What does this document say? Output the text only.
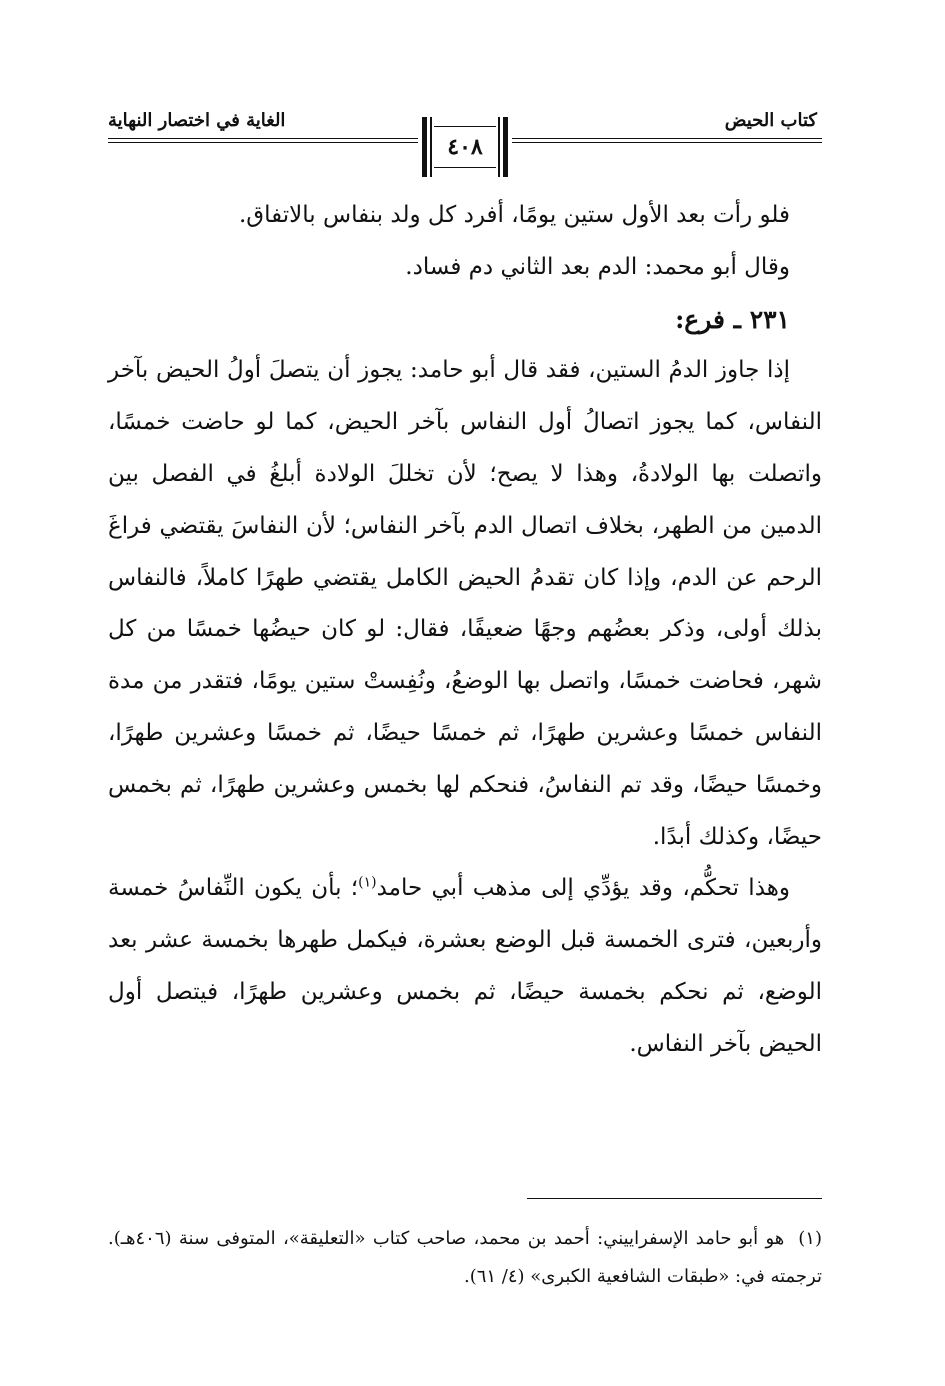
كتاب الحيض
الغاية في اختصار النهاية
٤٠٨

فلو رأت بعد الأول ستين يومًا، أفرد كل ولد بنفاس بالاتفاق.

وقال أبو محمد: الدم بعد الثاني دم فساد.

٢٣١ ـ فرع:

إذا جاوز الدمُ الستين، فقد قال أبو حامد: يجوز أن يتصلَ أولُ الحيض بآخر النفاس، كما يجوز اتصالُ أول النفاس بآخر الحيض، كما لو حاضت خمسًا، واتصلت بها الولادةُ، وهذا لا يصح؛ لأن تخللَ الولادة أبلغُ في الفصل بين الدمين من الطهر، بخلاف اتصال الدم بآخر النفاس؛ لأن النفاسَ يقتضي فراغَ الرحم عن الدم، وإذا كان تقدمُ الحيض الكامل يقتضي طهرًا كاملاً، فالنفاس بذلك أولى، وذكر بعضُهم وجهًا ضعيفًا، فقال: لو كان حيضُها خمسًا من كل شهر، فحاضت خمسًا، واتصل بها الوضعُ، ونُفِستْ ستين يومًا، فتقدر من مدة النفاس خمسًا وعشرين طهرًا، ثم خمسًا حيضًا، ثم خمسًا وعشرين طهرًا، وخمسًا حيضًا، وقد تم النفاسُ، فنحكم لها بخمس وعشرين طهرًا، ثم بخمس حيضًا، وكذلك أبدًا.

وهذا تحكُّم، وقد يؤدِّي إلى مذهب أبي حامد$^{(١)}$؛ بأن يكون النِّفاسُ خمسة وأربعين، فترى الخمسة قبل الوضع بعشرة، فيكمل طهرها بخمسة عشر بعد الوضع، ثم نحكم بخمسة حيضًا، ثم بخمس وعشرين طهرًا، فيتصل أول الحيض بآخر النفاس.

(١)هو أبو حامد الإسفراييني: أحمد بن محمد، صاحب كتاب «التعليقة»، المتوفى سنة (٤٠٦هـ). ترجمته في: «طبقات الشافعية الكبرى» (٤/ ٦١).
